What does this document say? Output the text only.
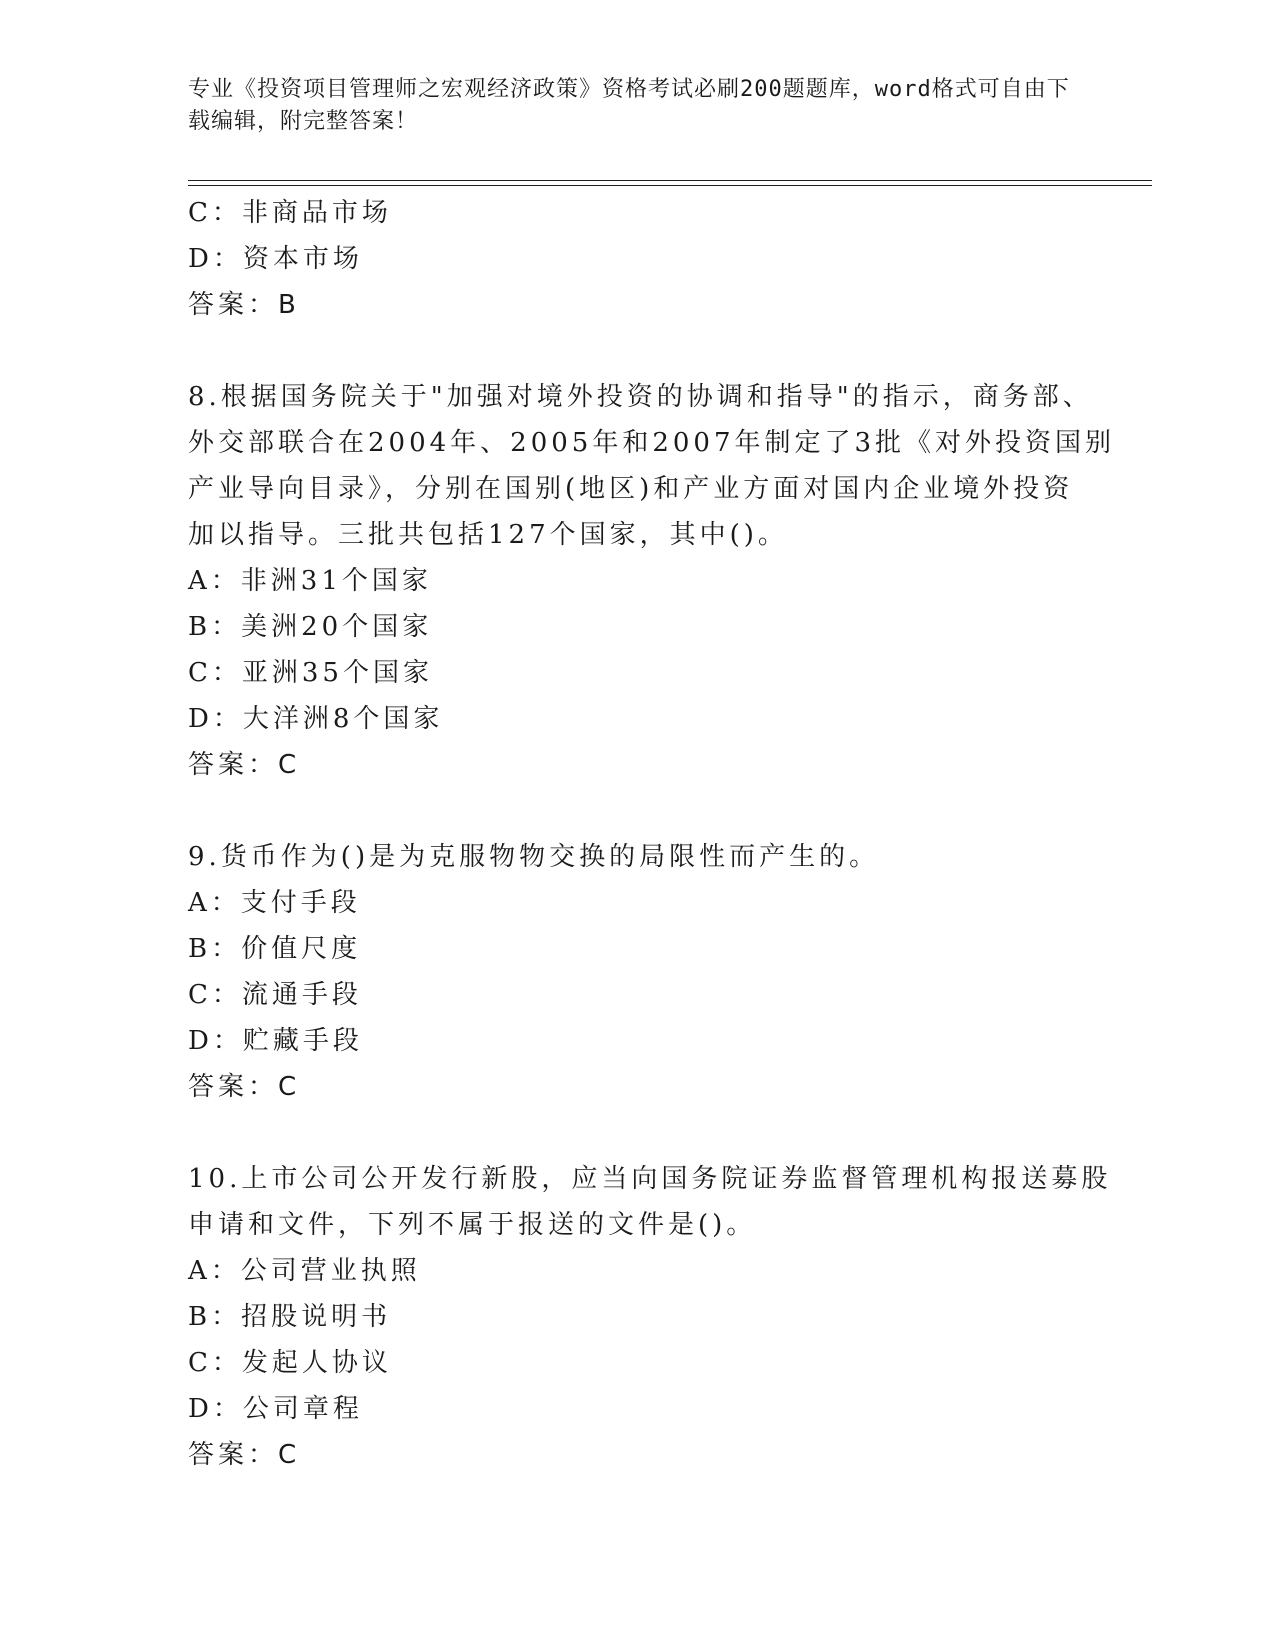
专业《投资项目管理师之宏观经济政策》资格考试必刷200题题库，word格式可自由下载编辑，附完整答案！
C：非商品市场
D：资本市场
答案：B
8.根据国务院关于"加强对境外投资的协调和指导"的指示，商务部、
外交部联合在2004年、2005年和2007年制定了3批《对外投资国别
产业导向目录》，分别在国别(地区)和产业方面对国内企业境外投资
加以指导。三批共包括127个国家，其中()。
A：非洲31个国家
B：美洲20个国家
C：亚洲35个国家
D：大洋洲8个国家
答案：C
9.货币作为()是为克服物物交换的局限性而产生的。
A：支付手段
B：价值尺度
C：流通手段
D：贮藏手段
答案：C
10.上市公司公开发行新股，应当向国务院证券监督管理机构报送募股
申请和文件，下列不属于报送的文件是()。
A：公司营业执照
B：招股说明书
C：发起人协议
D：公司章程
答案：C
